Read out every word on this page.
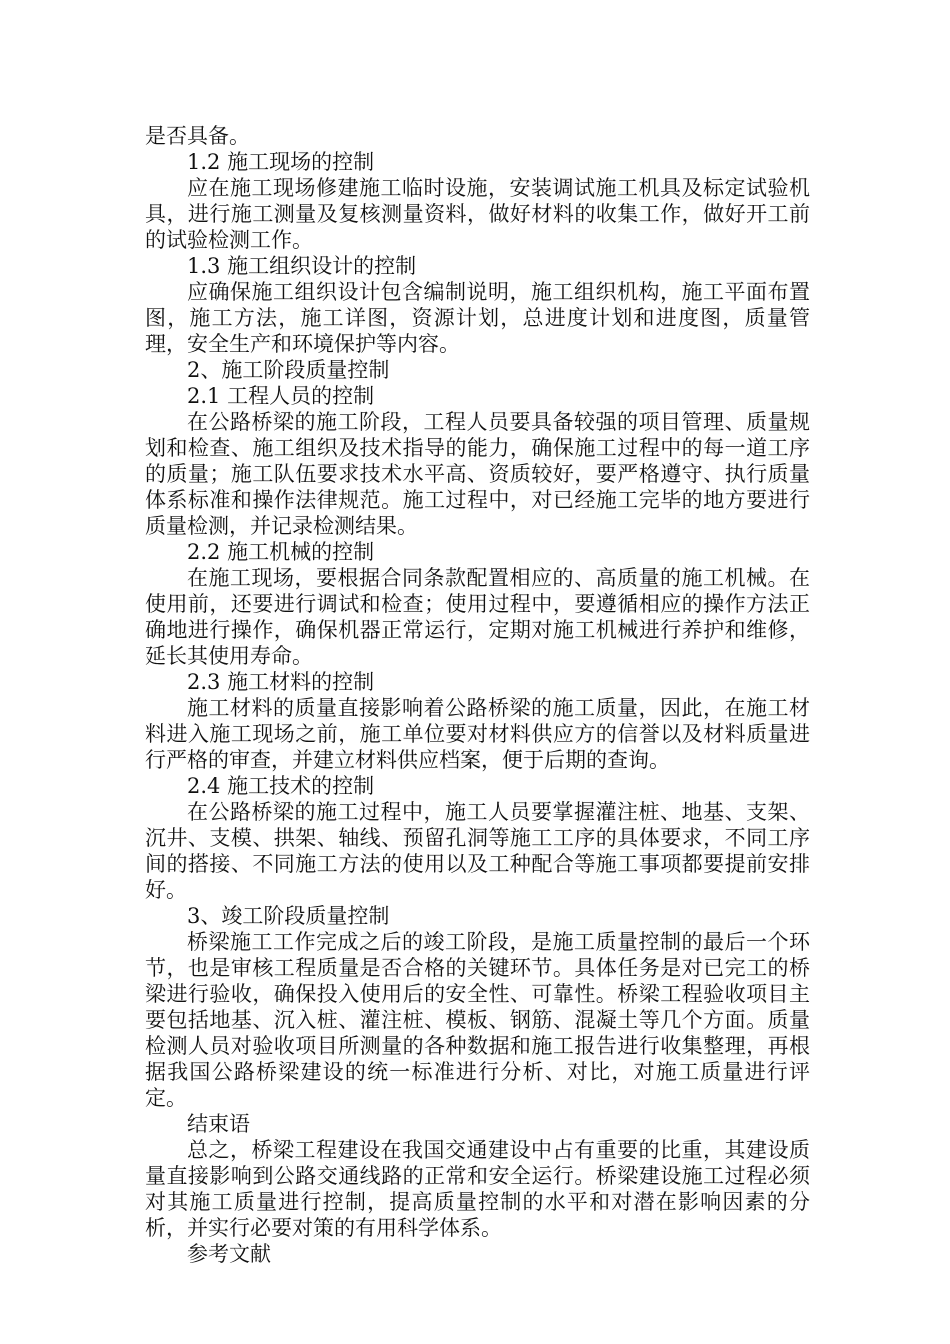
是否具备。

1.2 施工现场的控制

应在施工现场修建施工临时设施，安装调试施工机具及标定试验机具，进行施工测量及复核测量资料，做好材料的收集工作，做好开工前的试验检测工作。

1.3 施工组织设计的控制

应确保施工组织设计包含编制说明，施工组织机构，施工平面布置图，施工方法，施工详图，资源计划，总进度计划和进度图，质量管理，安全生产和环境保护等内容。

2、施工阶段质量控制

2.1 工程人员的控制

在公路桥梁的施工阶段，工程人员要具备较强的项目管理、质量规划和检查、施工组织及技术指导的能力，确保施工过程中的每一道工序的质量；施工队伍要求技术水平高、资质较好，要严格遵守、执行质量体系标准和操作法律规范。施工过程中，对已经施工完毕的地方要进行质量检测，并记录检测结果。

2.2 施工机械的控制

在施工现场，要根据合同条款配置相应的、高质量的施工机械。在使用前，还要进行调试和检查；使用过程中，要遵循相应的操作方法正确地进行操作，确保机器正常运行，定期对施工机械进行养护和维修，延长其使用寿命。

2.3 施工材料的控制

施工材料的质量直接影响着公路桥梁的施工质量，因此，在施工材料进入施工现场之前，施工单位要对材料供应方的信誉以及材料质量进行严格的审查，并建立材料供应档案，便于后期的查询。

2.4 施工技术的控制

在公路桥梁的施工过程中，施工人员要掌握灌注桩、地基、支架、沉井、支模、拱架、轴线、预留孔洞等施工工序的具体要求，不同工序间的搭接、不同施工方法的使用以及工种配合等施工事项都要提前安排好。

3、竣工阶段质量控制

桥梁施工工作完成之后的竣工阶段，是施工质量控制的最后一个环节，也是审核工程质量是否合格的关键环节。具体任务是对已完工的桥梁进行验收，确保投入使用后的安全性、可靠性。桥梁工程验收项目主要包括地基、沉入桩、灌注桩、模板、钢筋、混凝土等几个方面。质量检测人员对验收项目所测量的各种数据和施工报告进行收集整理，再根据我国公路桥梁建设的统一标准进行分析、对比，对施工质量进行评定。

结束语

总之，桥梁工程建设在我国交通建设中占有重要的比重，其建设质量直接影响到公路交通线路的正常和安全运行。桥梁建设施工过程必须对其施工质量进行控制，提高质量控制的水平和对潜在影响因素的分析，并实行必要对策的有用科学体系。

参考文献
